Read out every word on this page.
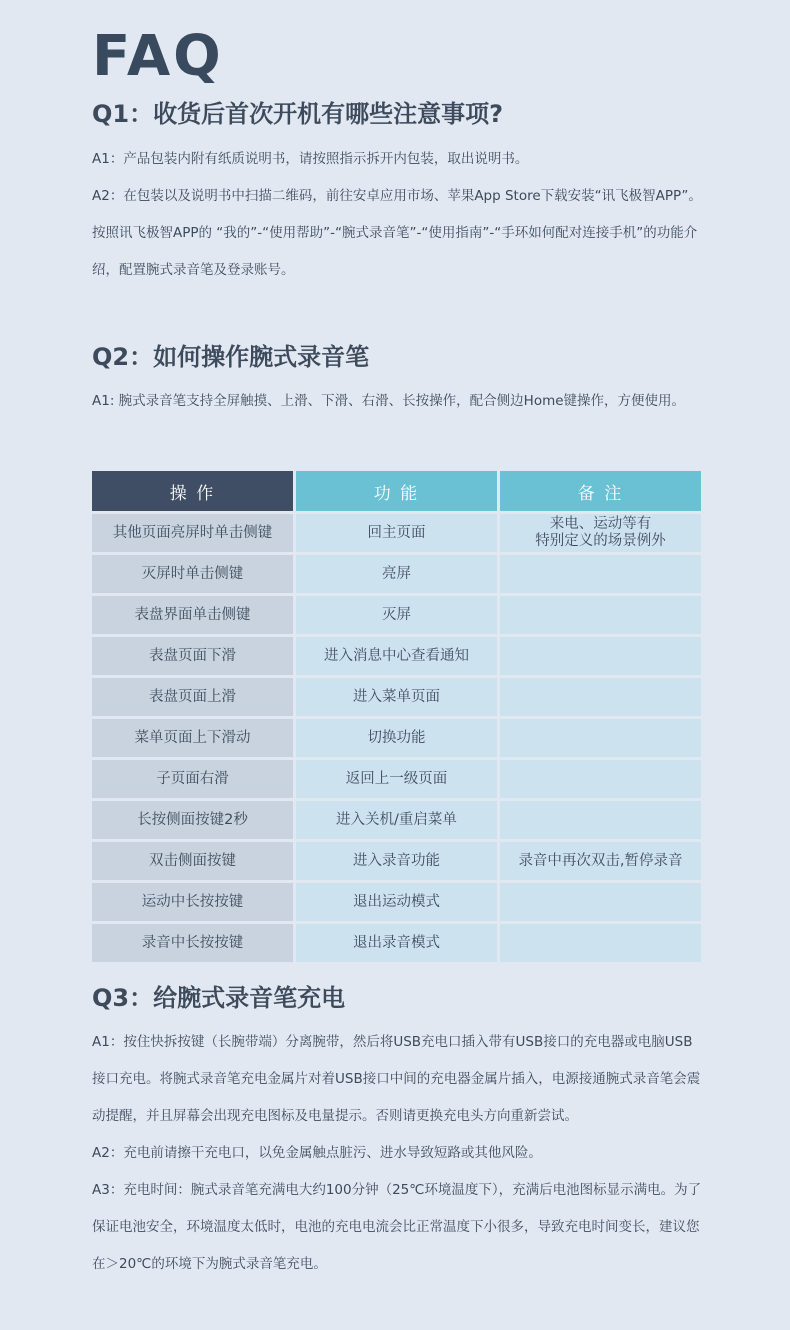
FAQ
Q1：收货后首次开机有哪些注意事项?

A1：产品包装内附有纸质说明书，请按照指示拆开内包装，取出说明书。

A2：在包装以及说明书中扫描二维码，前往安卓应用市场、苹果App Store下载安装“讯飞极智APP”。

按照讯飞极智APP的 “我的”-“使用帮助”-“腕式录音笔”-“使用指南”-“手环如何配对连接手机”的功能介绍，配置腕式录音笔及登录账号。

Q2：如何操作腕式录音笔

A1: 腕式录音笔支持全屏触摸、上滑、下滑、右滑、长按操作，配合侧边Home键操作，方便使用。

操 作	功 能	备 注
其他页面亮屏时单击侧键	回主页面	来电、运动等有
特别定义的场景例外
灭屏时单击侧键	亮屏	
表盘界面单击侧键	灭屏	
表盘页面下滑	进入消息中心查看通知	
表盘页面上滑	进入菜单页面	
菜单页面上下滑动	切换功能	
子页面右滑	返回上一级页面	
长按侧面按键2秒	进入关机/重启菜单	
双击侧面按键	进入录音功能	录音中再次双击,暂停录音
运动中长按按键	退出运动模式	
录音中长按按键	退出录音模式	
Q3：给腕式录音笔充电

A1：按住快拆按键（长腕带端）分离腕带，然后将USB充电口插入带有USB接口的充电器或电脑USB接口充电。将腕式录音笔充电金属片对着USB接口中间的充电器金属片插入，电源接通腕式录音笔会震动提醒，并且屏幕会出现充电图标及电量提示。否则请更换充电头方向重新尝试。

A2：充电前请擦干充电口，以免金属触点脏污、进水导致短路或其他风险。

A3：充电时间：腕式录音笔充满电大约100分钟（25℃环境温度下），充满后电池图标显示满电。为了保证电池安全，环境温度太低时，电池的充电电流会比正常温度下小很多，导致充电时间变长，建议您在＞20℃的环境下为腕式录音笔充电。
